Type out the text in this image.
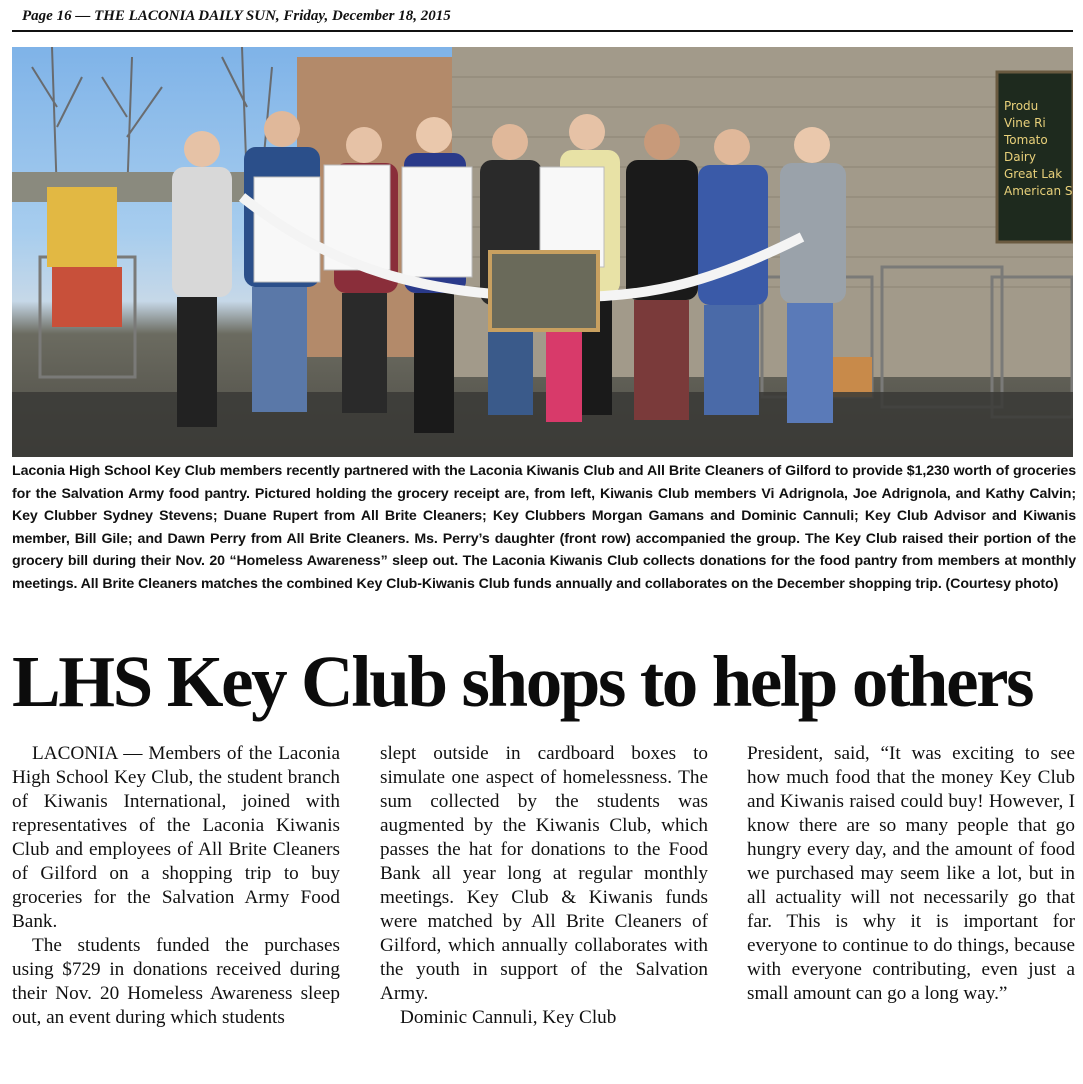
Page 16 — THE LACONIA DAILY SUN, Friday, December 18, 2015
Produ
Vine Ri
Tomato
Dairy
Great Lak
American S
Laconia High School Key Club members recently partnered with the Laconia Kiwanis Club and All Brite Cleaners of Gilford to provide $1,230 worth of groceries for the Salvation Army food pantry. Pictured holding the grocery receipt are, from left, Kiwanis Club members Vi Adrignola, Joe Adrignola, and Kathy Calvin; Key Clubber Sydney Stevens; Duane Rupert from All Brite Cleaners; Key Clubbers Morgan Gamans and Dominic Cannuli; Key Club Advisor and Kiwanis member, Bill Gile; and Dawn Perry from All Brite Cleaners. Ms. Perry’s daughter (front row) accompanied the group. The Key Club raised their portion of the grocery bill during their Nov. 20 “Homeless Awareness” sleep out. The Laconia Kiwanis Club collects donations for the food pantry from members at monthly meetings. All Brite Cleaners matches the combined Key Club-Kiwanis Club funds annually and collaborates on the December shopping trip. (Courtesy photo)
LHS Key Club shops to help others

LACONIA — Members of the Laconia High School Key Club, the student branch of Kiwanis International, joined with representatives of the Laconia Kiwanis Club and employees of All Brite Cleaners of Gilford on a shopping trip to buy groceries for the Salvation Army Food Bank.

The students funded the purchases using $729 in donations received during their Nov. 20 Homeless Awareness sleep out, an event during which students

slept outside in cardboard boxes to simulate one aspect of homelessness. The sum collected by the students was augmented by the Kiwanis Club, which passes the hat for donations to the Food Bank all year long at regular monthly meetings. Key Club & Kiwanis funds were matched by All Brite Cleaners of Gilford, which annually collaborates with the youth in support of the Salvation Army.

Dominic Cannuli, Key Club

President, said, “It was exciting to see how much food that the money Key Club and Kiwanis raised could buy! However, I know there are so many people that go hungry every day, and the amount of food we purchased may seem like a lot, but in all actuality will not necessarily go that far. This is why it is important for everyone to continue to do things, because with everyone contributing, even just a small amount can go a long way.”
